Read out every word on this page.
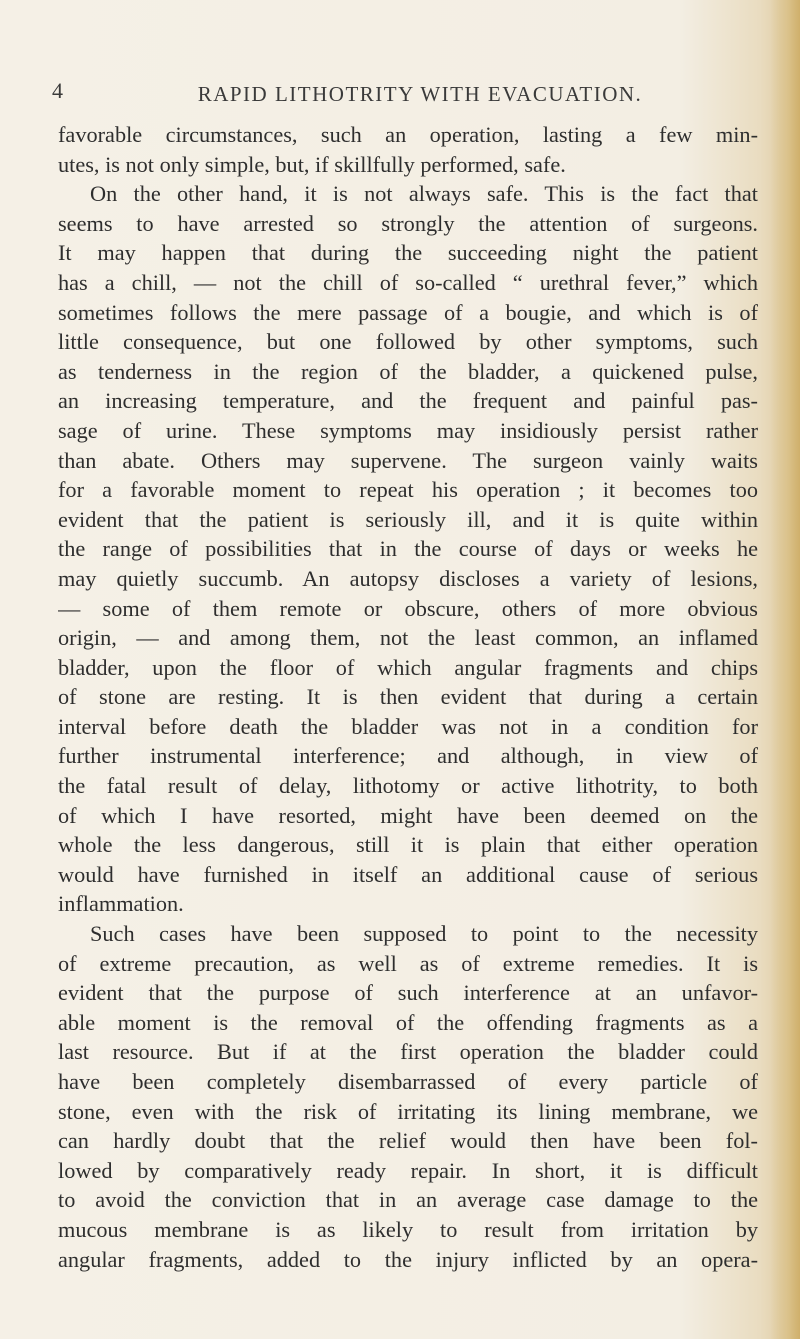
4	RAPID LITHOTRITY WITH EVACUATION.
favorable circumstances, such an operation, lasting a few min-
utes, is not only simple, but, if skillfully performed, safe.
On the other hand, it is not always safe. This is the fact that
seems to have arrested so strongly the attention of surgeons.
It may happen that during the succeeding night the patient
has a chill, — not the chill of so-called “ urethral fever,” which
sometimes follows the mere passage of a bougie, and which is of
little consequence, but one followed by other symptoms, such
as tenderness in the region of the bladder, a quickened pulse,
an increasing temperature, and the frequent and painful pas-
sage of urine. These symptoms may insidiously persist rather
than abate. Others may supervene. The surgeon vainly waits
for a favorable moment to repeat his operation ; it becomes too
evident that the patient is seriously ill, and it is quite within
the range of possibilities that in the course of days or weeks he
may quietly succumb. An autopsy discloses a variety of lesions,
— some of them remote or obscure, others of more obvious
origin, — and among them, not the least common, an inflamed
bladder, upon the floor of which angular fragments and chips
of stone are resting. It is then evident that during a certain
interval before death the bladder was not in a condition for
further instrumental interference; and although, in view of
the fatal result of delay, lithotomy or active lithotrity, to both
of which I have resorted, might have been deemed on the
whole the less dangerous, still it is plain that either operation
would have furnished in itself an additional cause of serious
inflammation.
Such cases have been supposed to point to the necessity
of extreme precaution, as well as of extreme remedies. It is
evident that the purpose of such interference at an unfavor-
able moment is the removal of the offending fragments as a
last resource. But if at the first operation the bladder could
have been completely disembarrassed of every particle of
stone, even with the risk of irritating its lining membrane, we
can hardly doubt that the relief would then have been fol-
lowed by comparatively ready repair. In short, it is difficult
to avoid the conviction that in an average case damage to the
mucous membrane is as likely to result from irritation by
angular fragments, added to the injury inflicted by an opera-
